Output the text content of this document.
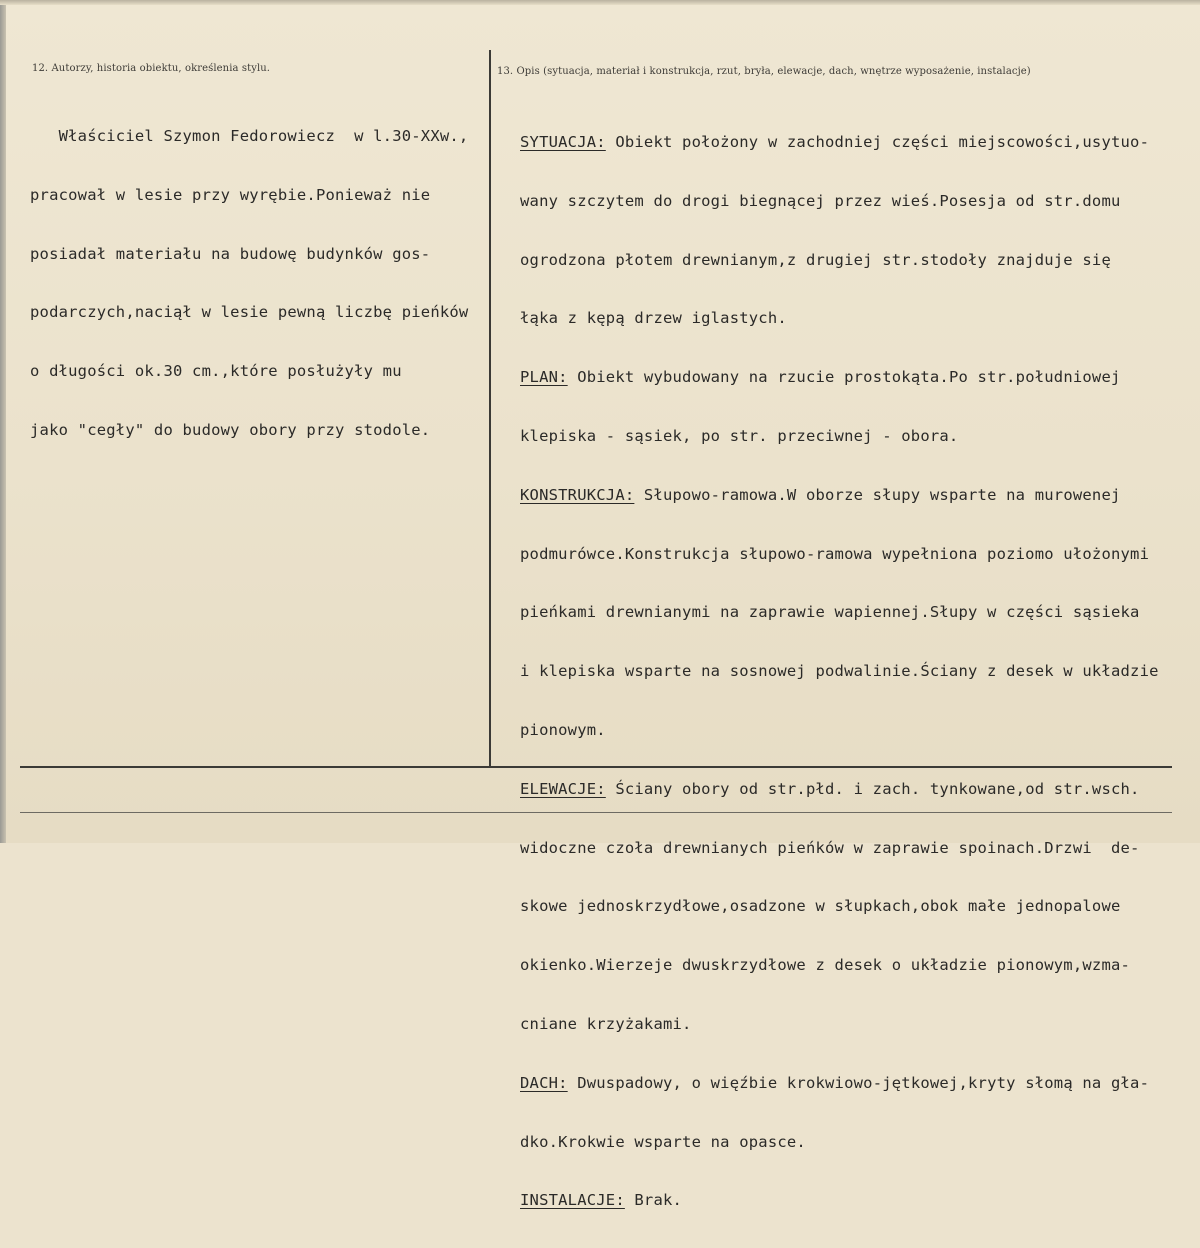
12. Autorzy, historia obiektu, określenia stylu.	13. Opis (sytuacja, materiał i konstrukcja, rzut, bryła, elewacje, dach, wnętrze wyposażenie, instalacje)

Właściciel Szymon Fedorowiecz  w l.30-XXw.,

pracował w lesie przy wyrębie.Ponieważ nie

posiadał materiału na budowę budynków gos-

podarczych,naciął w lesie pewną liczbę pieńków

o długości ok.30 cm.,które posłużyły mu

jako "cegły" do budowy obory przy stodole.

SYTUACJA: Obiekt położony w zachodniej części miejscowości,usytuo-

wany szczytem do drogi biegnącej przez wieś.Posesja od str.domu

ogrodzona płotem drewnianym,z drugiej str.stodoły znajduje się

łąka z kępą drzew iglastych.

PLAN: Obiekt wybudowany na rzucie prostokąta.Po str.południowej

klepiska - sąsiek, po str. przeciwnej - obora.

KONSTRUKCJA: Słupowo-ramowa.W oborze słupy wsparte na murowenej

podmurówce.Konstrukcja słupowo-ramowa wypełniona poziomo ułożonymi

pieńkami drewnianymi na zaprawie wapiennej.Słupy w części sąsieka

i klepiska wsparte na sosnowej podwalinie.Ściany z desek w układzie

pionowym.

ELEWACJE: Ściany obory od str.płd. i zach. tynkowane,od str.wsch.

widoczne czoła drewnianych pieńków w zaprawie spoinach.Drzwi  de-

skowe jednoskrzydłowe,osadzone w słupkach,obok małe jednopalowe

okienko.Wierzeje dwuskrzydłowe z desek o układzie pionowym,wzma-

cniane krzyżakami.

DACH: Dwuspadowy, o więźbie krokwiowo-jętkowej,kryty słomą na gła-

dko.Krokwie wsparte na opasce.

INSTALACJE: Brak.
